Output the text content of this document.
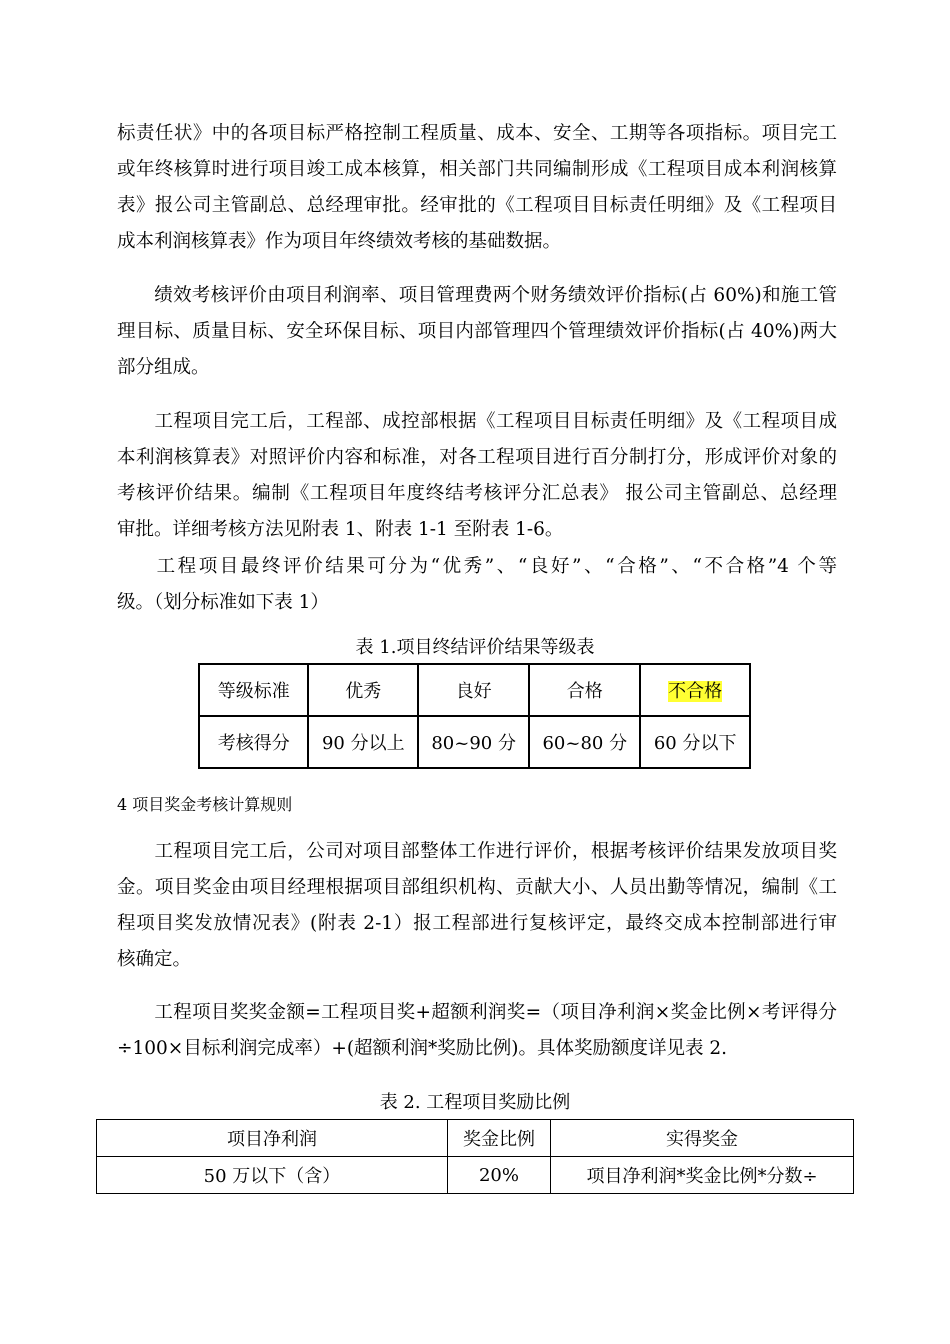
标责任状》中的各项目标严格控制工程质量、成本、安全、工期等各项指标。项目完工
或年终核算时进行项目竣工成本核算，相关部门共同编制形成《工程项目成本利润核算
表》报公司主管副总、总经理审批。经审批的《工程项目目标责任明细》及《工程项目
成本利润核算表》作为项目年终绩效考核的基础数据。
绩效考核评价由项目利润率、项目管理费两个财务绩效评价指标(占 60%)和施工管
理目标、质量目标、安全环保目标、项目内部管理四个管理绩效评价指标(占 40%)两大
部分组成。
工程项目完工后，工程部、成控部根据《工程项目目标责任明细》及《工程项目成
本利润核算表》对照评价内容和标准，对各工程项目进行百分制打分，形成评价对象的
考核评价结果。编制《工程项目年度终结考核评分汇总表》 报公司主管副总、总经理
审批。详细考核方法见附表 1、附表 1-1 至附表 1-6。
工程项目最终评价结果可分为“优秀”、“良好”、“合格”、“不合格”4 个等
级。（划分标准如下表 1）
表 1.项目终结评价结果等级表
等级标准	优秀	良好	合格	不合格
考核得分	90 分以上	80~90 分	60~80 分	60 分以下
4 项目奖金考核计算规则
工程项目完工后，公司对项目部整体工作进行评价，根据考核评价结果发放项目奖
金。项目奖金由项目经理根据项目部组织机构、贡献大小、人员出勤等情况，编制《工
程项目奖发放情况表》(附表 2-1）报工程部进行复核评定，最终交成本控制部进行审
核确定。
工程项目奖奖金额=工程项目奖+超额利润奖=（项目净利润×奖金比例×考评得分
÷100×目标利润完成率）+(超额利润*奖励比例)。具体奖励额度详见表 2.
表 2. 工程项目奖励比例
项目净利润	奖金比例	实得奖金
50 万以下（含）	20%	项目净利润*奖金比例*分数÷
